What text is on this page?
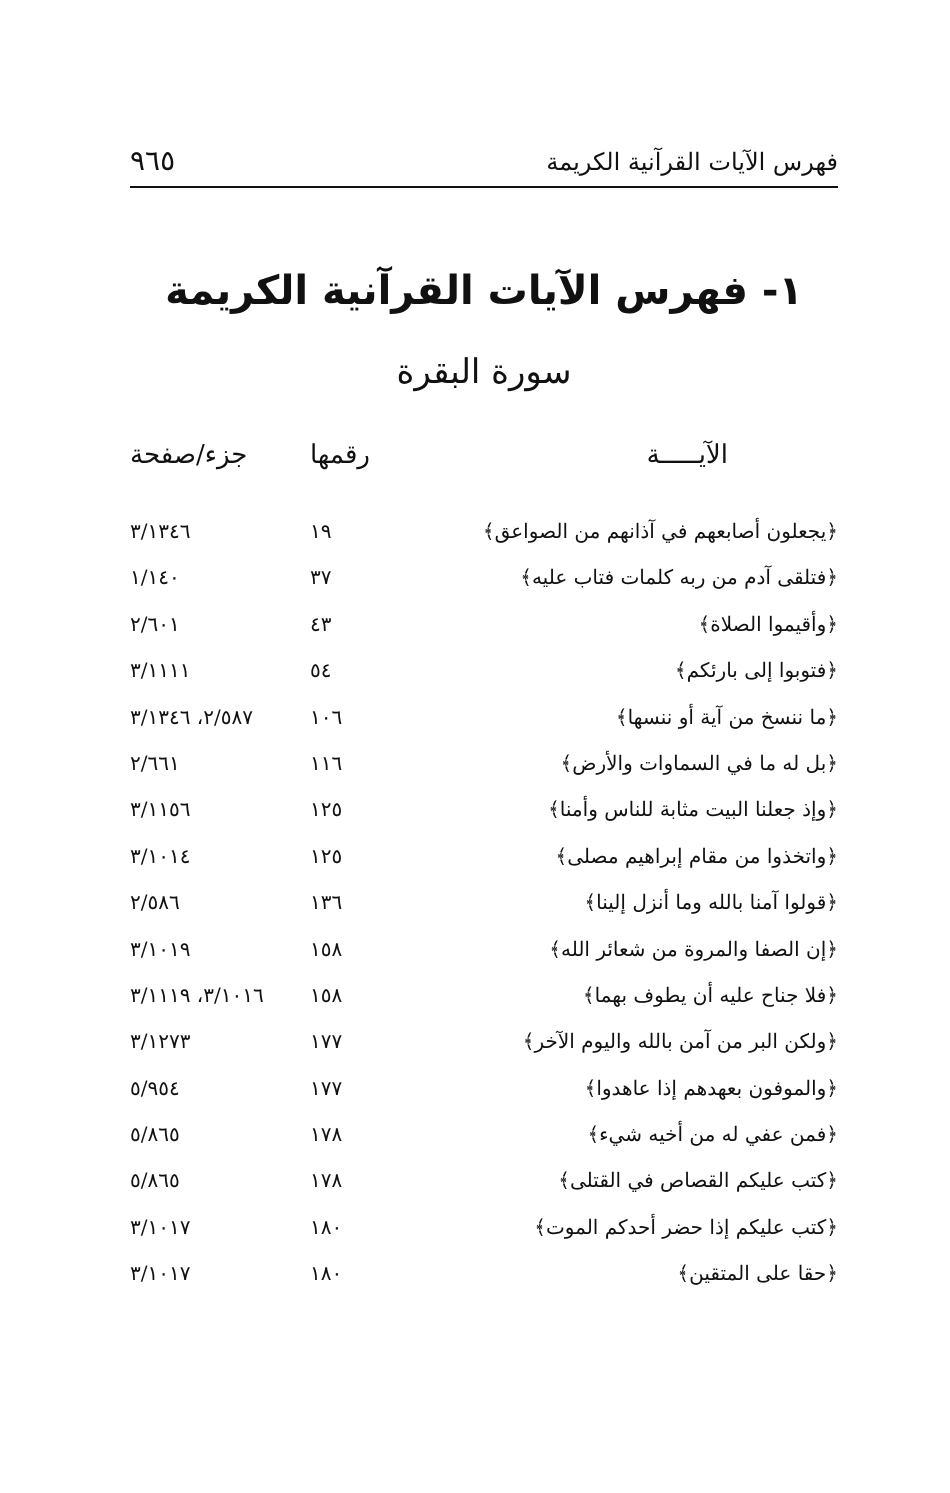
فهرس الآيات القرآنية الكريمة
٩٦٥
١- فهرس الآيات القرآنية الكريمة
سورة البقرة
الآيـــــة
رقمها
جزء/صفحة
﴿يجعلون أصابعهم في آذانهم من الصواعق﴾
١٩
٣/١٣٤٦
﴿فتلقى آدم من ربه كلمات فتاب عليه﴾
٣٧
١/١٤٠
﴿وأقيموا الصلاة﴾
٤٣
٢/٦٠١
﴿فتوبوا إلى بارئكم﴾
٥٤
٣/١١١١
﴿ما ننسخ من آية أو ننسها﴾
١٠٦
٢/٥٨٧، ٣/١٣٤٦
﴿بل له ما في السماوات والأرض﴾
١١٦
٢/٦٦١
﴿وإذ جعلنا البيت مثابة للناس وأمنا﴾
١٢٥
٣/١١٥٦
﴿واتخذوا من مقام إبراهيم مصلى﴾
١٢٥
٣/١٠١٤
﴿قولوا آمنا بالله وما أنزل إلينا﴾
١٣٦
٢/٥٨٦
﴿إن الصفا والمروة من شعائر الله﴾
١٥٨
٣/١٠١٩
﴿فلا جناح عليه أن يطوف بهما﴾
١٥٨
٣/١٠١٦، ٣/١١١٩
﴿ولكن البر من آمن بالله واليوم الآخر﴾
١٧٧
٣/١٢٧٣
﴿والموفون بعهدهم إذا عاهدوا﴾
١٧٧
٥/٩٥٤
﴿فمن عفي له من أخيه شيء﴾
١٧٨
٥/٨٦٥
﴿كتب عليكم القصاص في القتلى﴾
١٧٨
٥/٨٦٥
﴿كتب عليكم إذا حضر أحدكم الموت﴾
١٨٠
٣/١٠١٧
﴿حقا على المتقين﴾
١٨٠
٣/١٠١٧
